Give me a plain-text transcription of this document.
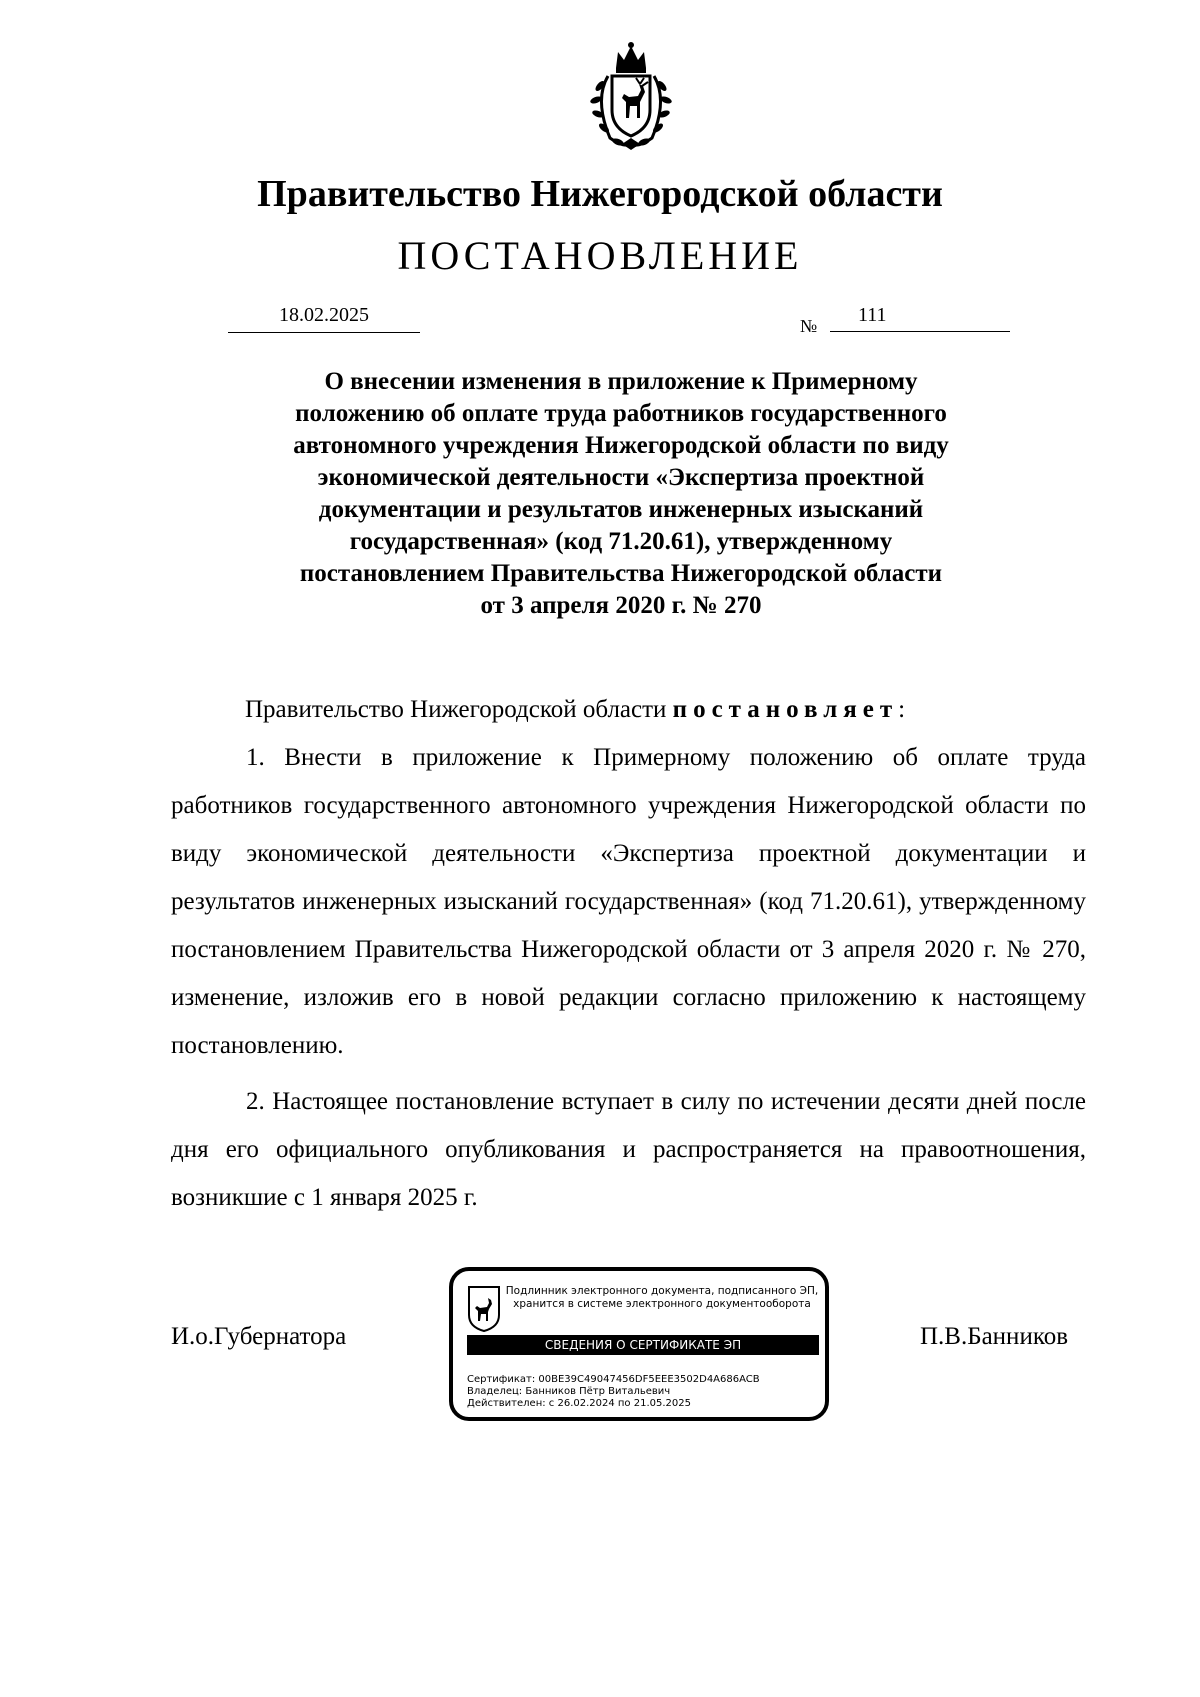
Правительство Нижегородской области
ПОСТАНОВЛЕНИЕ
18.02.2025	№	111
О внесении изменения в приложение к Примерному
положению об оплате труда работников государственного
автономного учреждения Нижегородской области по виду
экономической деятельности «Экспертиза проектной
документации и результатов инженерных изысканий
государственная» (код 71.20.61), утвержденному
постановлением Правительства Нижегородской области
от 3 апреля 2020 г. № 270
Правительство Нижегородской области постановляет:
1. Внести в приложение к Примерному положению об оплате труда работников государственного автономного учреждения Нижегородской области по виду экономической деятельности «Экспертиза проектной документации и результатов инженерных изысканий государственная» (код 71.20.61), утвержденному постановлением Правительства Нижегородской области от 3 апреля 2020 г. № 270, изменение, изложив его в новой редакции согласно приложению к настоящему постановлению.
2. Настоящее постановление вступает в силу по истечении десяти дней после дня его официального опубликования и распространяется на правоотношения, возникшие с 1 января 2025 г.
И.о.Губернатора	П.В.Банников
Подлинник электронного документа, подписанного ЭП,
хранится в системе электронного документооборота
СВЕДЕНИЯ О СЕРТИФИКАТЕ ЭП
Сертификат: 00BE39C49047456DF5EEE3502D4A686ACB
Владелец: Банников Пётр Витальевич
Действителен: с 26.02.2024 по 21.05.2025
